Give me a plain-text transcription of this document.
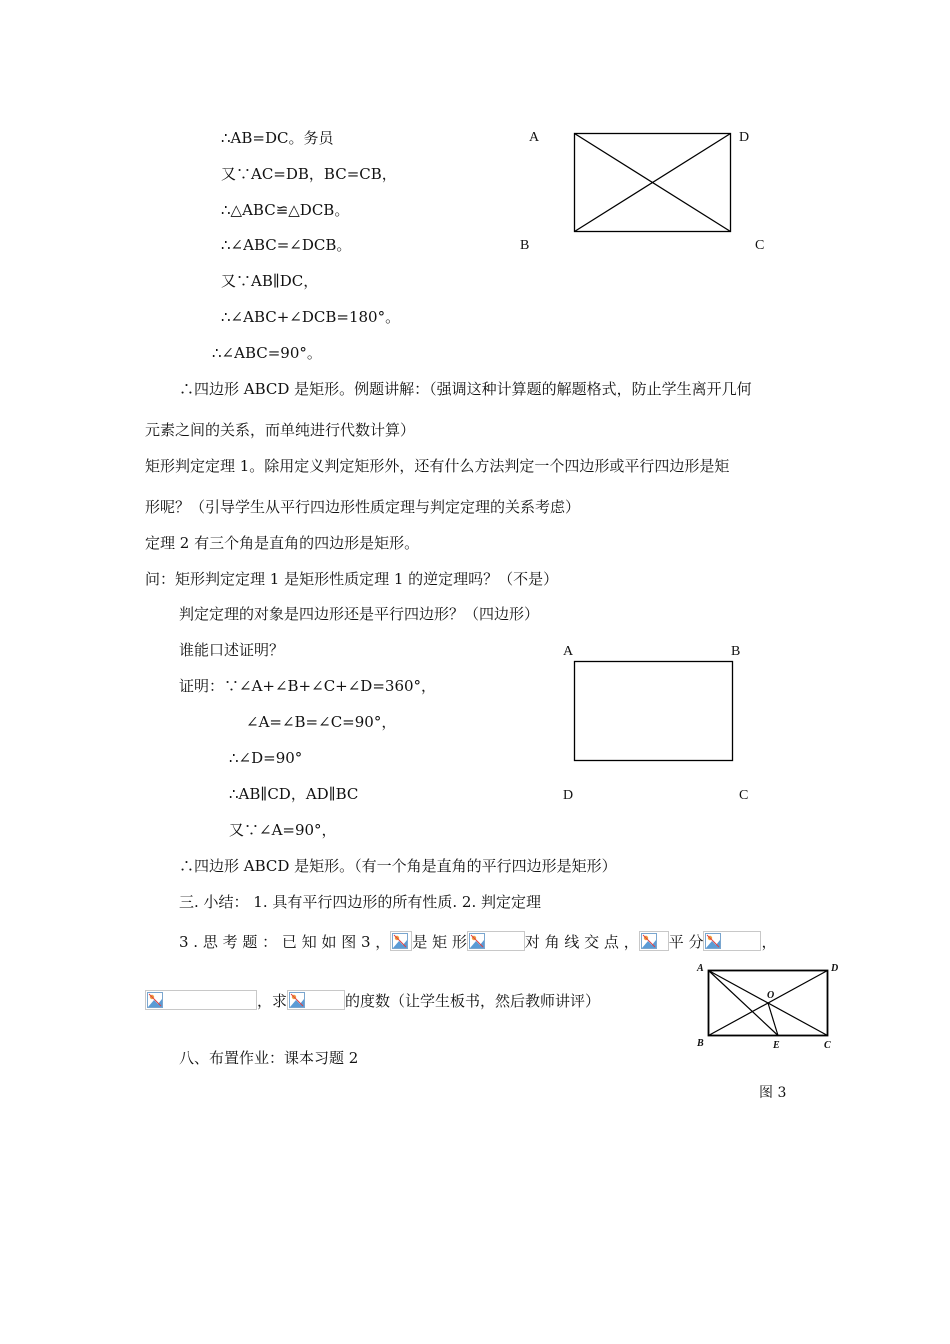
∴AB=DC。务员
又∵AC=DB，BC=CB，
∴△ABC≌△DCB。
∴∠ABC=∠DCB。
又∵AB∥DC，
∴∠ABC+∠DCB=180°。
∴∠ABC=90°。
A	D
B	C
∴四边形 ABCD 是矩形。例题讲解：（强调这种计算题的解题格式，防止学生离开几何
元素之间的关系，而单纯进行代数计算）
矩形判定定理 1。除用定义判定矩形外，还有什么方法判定一个四边形或平行四边形是矩
形呢？（引导学生从平行四边形性质定理与判定定理的关系考虑）
定理 2 有三个角是直角的四边形是矩形。
问：矩形判定定理 1 是矩形性质定理 1 的逆定理吗？（不是）
判定定理的对象是四边形还是平行四边形？（四边形）
谁能口述证明？
证明：∵∠A+∠B+∠C+∠D=360°，
∠A=∠B=∠C=90°，
∴∠D=90°
∴AB∥CD，AD∥BC
又∵∠A=90°，
A	B
D	C
∴四边形 ABCD 是矩形。（有一个角是直角的平行四边形是矩形）
三. 小结： 1. 具有平行四边形的所有性质. 2. 判定定理
3 . 思 考 题 ： 已 知 如 图 3 ， 是 矩 形	对 角 线 交 点 ， 平 分	，
，求	的度数（让学生板书，然后教师讲评）
八、布置作业：课本习题 2
A	D
O
B	E	C
图 3
